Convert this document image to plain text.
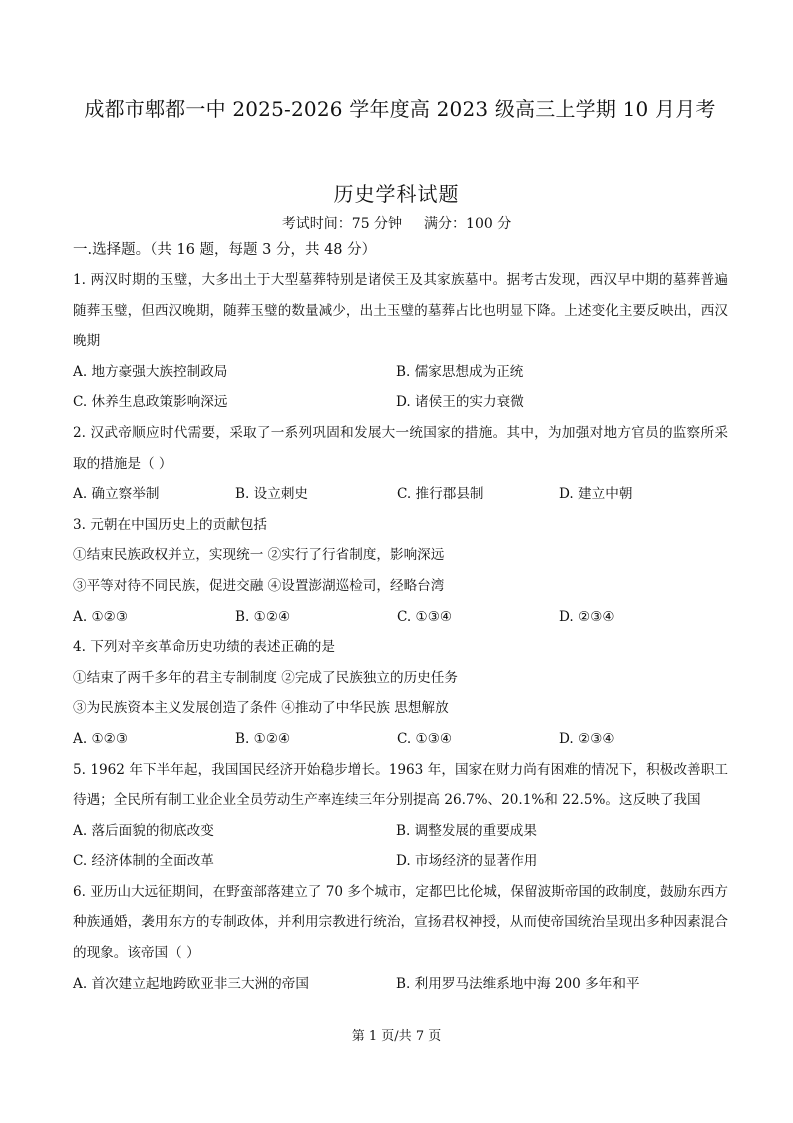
成都市郫都一中 2025-2026 学年度高 2023 级高三上学期 10 月月考
历史学科试题
考试时间：75 分钟 满分：100 分
一.选择题。（共 16 题，每题 3 分，共 48 分）
1. 两汉时期的玉璧，大多出土于大型墓葬特别是诸侯王及其家族墓中。据考古发现，西汉早中期的墓葬普遍随葬玉璧，但西汉晚期，随葬玉璧的数量减少，出土玉璧的墓葬占比也明显下降。上述变化主要反映出，西汉晚期
A. 地方豪强大族控制政局	B. 儒家思想成为正统
C. 休养生息政策影响深远	D. 诸侯王的实力衰微
2. 汉武帝顺应时代需要，采取了一系列巩固和发展大一统国家的措施。其中，为加强对地方官员的监察所采取的措施是（ ）
A. 确立察举制	B. 设立刺史	C. 推行郡县制	D. 建立中朝
3. 元朝在中国历史上的贡献包括
①结束民族政权并立，实现统一 ②实行了行省制度，影响深远
③平等对待不同民族，促进交融 ④设置澎湖巡检司，经略台湾
A. ①②③	B. ①②④	C. ①③④	D. ②③④
4. 下列对辛亥革命历史功绩的表述正确的是
①结束了两千多年的君主专制制度 ②完成了民族独立的历史任务
③为民族资本主义发展创造了条件 ④推动了中华民族 思想解放
A. ①②③	B. ①②④	C. ①③④	D. ②③④
5. 1962 年下半年起，我国国民经济开始稳步增长。1963 年，国家在财力尚有困难的情况下，积极改善职工待遇；全民所有制工业企业全员劳动生产率连续三年分别提高 26.7%、20.1%和 22.5%。这反映了我国
A. 落后面貌的彻底改变	B. 调整发展的重要成果
C. 经济体制的全面改革	D. 市场经济的显著作用
6. 亚历山大远征期间，在野蛮部落建立了 70 多个城市，定都巴比伦城，保留波斯帝国的政制度，鼓励东西方种族通婚，袭用东方的专制政体，并利用宗教进行统治，宣扬君权神授，从而使帝国统治呈现出多种因素混合的现象。该帝国（ ）
A. 首次建立起地跨欧亚非三大洲的帝国	B. 利用罗马法维系地中海 200 多年和平
第 1 页/共 7 页
